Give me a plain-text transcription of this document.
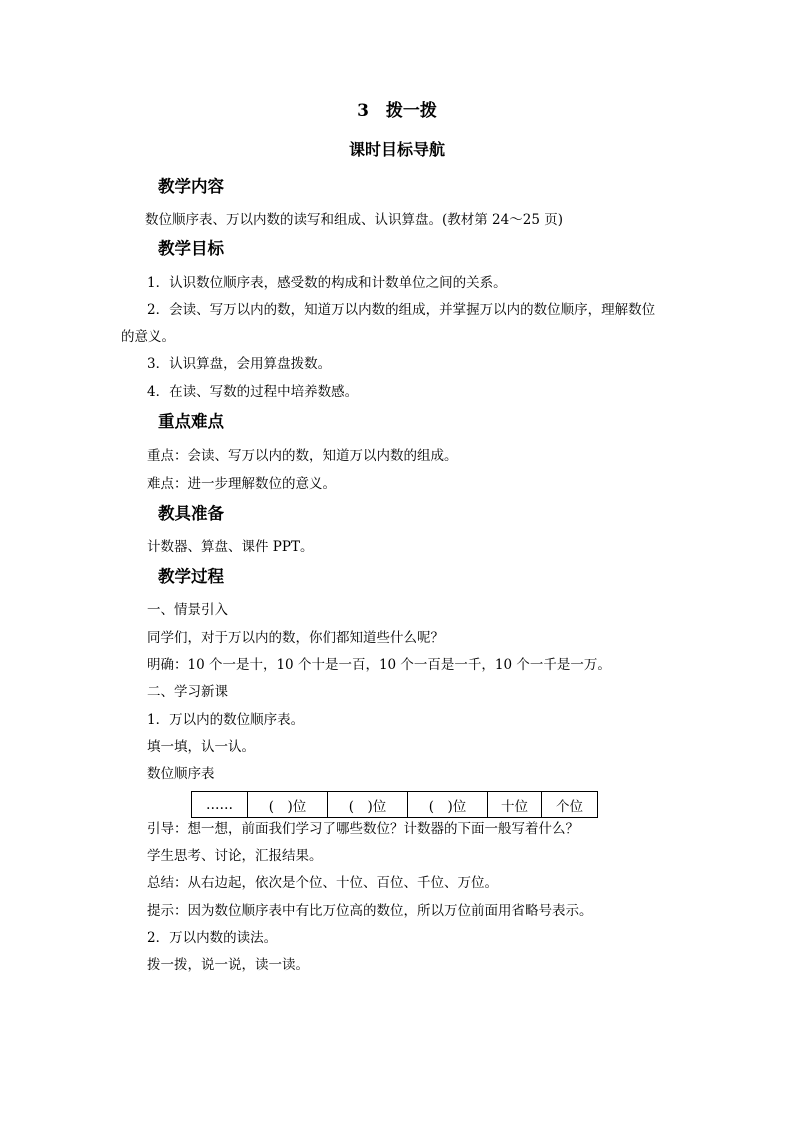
3　拨一拨
课时目标导航
教学内容
数位顺序表、万以内数的读写和组成、认识算盘。(教材第 24～25 页)
教学目标
1．认识数位顺序表，感受数的构成和计数单位之间的关系。
2．会读、写万以内的数，知道万以内数的组成，并掌握万以内的数位顺序，理解数位
的意义。
3．认识算盘，会用算盘拨数。
4．在读、写数的过程中培养数感。
重点难点
重点：会读、写万以内的数，知道万以内数的组成。
难点：进一步理解数位的意义。
教具准备
计数器、算盘、课件 PPT。
教学过程
一、情景引入
同学们，对于万以内的数，你们都知道些什么呢？
明确：10 个一是十，10 个十是一百，10 个一百是一千，10 个一千是一万。
二、学习新课
1．万以内的数位顺序表。
填一填，认一认。
数位顺序表
……	(　)位	(　)位	(　)位	十位	个位
引导：想一想，前面我们学习了哪些数位？计数器的下面一般写着什么？
学生思考、讨论，汇报结果。
总结：从右边起，依次是个位、十位、百位、千位、万位。
提示：因为数位顺序表中有比万位高的数位，所以万位前面用省略号表示。
2．万以内数的读法。
拨一拨，说一说，读一读。
